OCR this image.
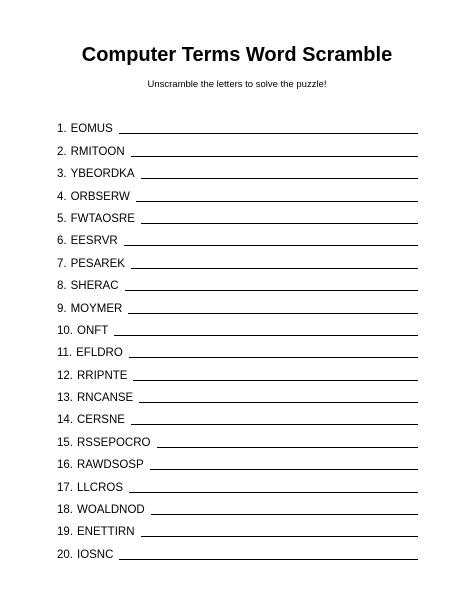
Computer Terms Word Scramble
Unscramble the letters to solve the puzzle!
1. EOMUS
2. RMITOON
3. YBEORDKA
4. ORBSERW
5. FWTAOSRE
6. EESRVR
7. PESAREK
8. SHERAC
9. MOYMER
10. ONFT
11. EFLDRO
12. RRIPNTE
13. RNCANSE
14. CERSNE
15. RSSEPOCRO
16. RAWDSOSP
17. LLCROS
18. WOALDNOD
19. ENETTIRN
20. IOSNC
